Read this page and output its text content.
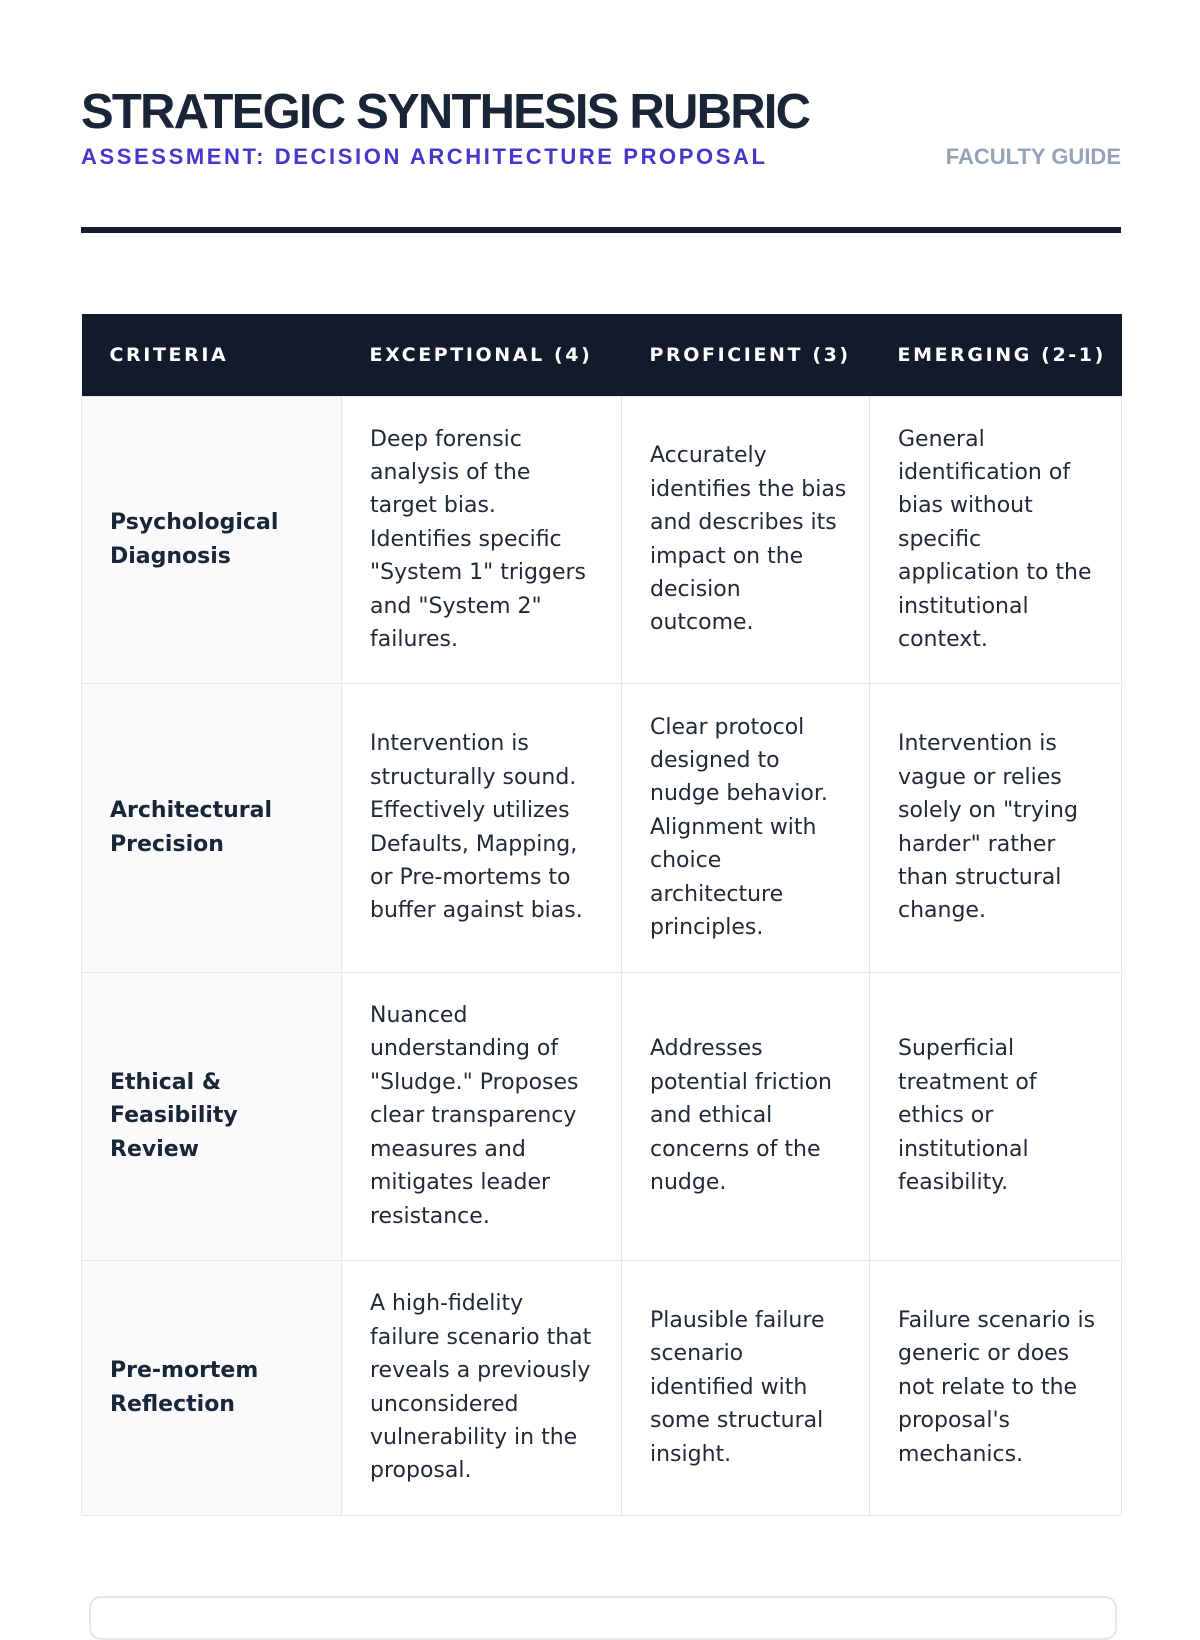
STRATEGIC SYNTHESIS RUBRIC
ASSESSMENT: DECISION ARCHITECTURE PROPOSAL	FACULTY GUIDE
CRITERIA	EXCEPTIONAL (4)	PROFICIENT (3)	EMERGING (2-1)
Psychological Diagnosis	Deep forensic analysis of the target bias. Identifies specific "System 1" triggers and "System 2" failures.	Accurately identifies the bias and describes its impact on the decision outcome.	General identification of bias without specific application to the institutional context.
Architectural Precision	Intervention is structurally sound. Effectively utilizes Defaults, Mapping, or Pre-mortems to buffer against bias.	Clear protocol designed to nudge behavior. Alignment with choice architecture principles.	Intervention is vague or relies solely on "trying harder" rather than structural change.
Ethical & Feasibility Review	Nuanced understanding of "Sludge." Proposes clear transparency measures and mitigates leader resistance.	Addresses potential friction and ethical concerns of the nudge.	Superficial treatment of ethics or institutional feasibility.
Pre-mortem Reflection	A high-fidelity failure scenario that reveals a previously unconsidered vulnerability in the proposal.	Plausible failure scenario identified with some structural insight.	Failure scenario is generic or does not relate to the proposal's mechanics.
